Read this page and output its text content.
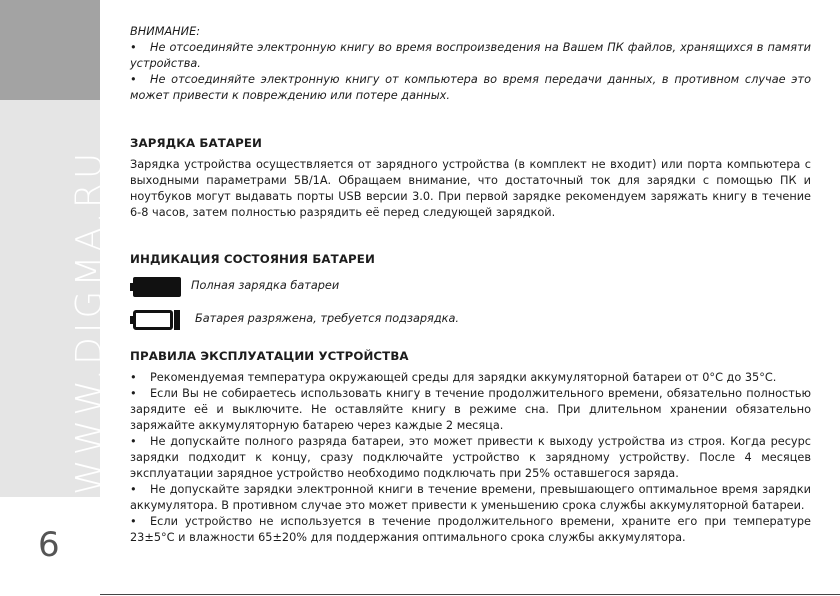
WWW.DIGMA.RU
6

ВНИМАНИЕ:

• Не отсоединяйте электронную книгу во время воспроизведения на Вашем ПК файлов, хранящихся в памяти устройства.

• Не отсоединяйте электронную книгу от компьютера во время передачи данных, в противном случае это может привести к повреждению или потере данных.

ЗАРЯДКА БАТАРЕИ

Зарядка устройства осуществляется от зарядного устройства (в комплект не входит) или порта компьютера с выходными параметрами 5В/1А. Обращаем внимание, что достаточный ток для зарядки с помощью ПК и ноутбуков могут выдавать порты USB версии 3.0. При первой зарядке рекомендуем заряжать книгу в течение 6-8 часов, затем полностью разрядить её перед следующей зарядкой.

ИНДИКАЦИЯ СОСТОЯНИЯ БАТАРЕИ
Полная зарядка батареи
Батарея разряжена, требуется подзарядка.
ПРАВИЛА ЭКСПЛУАТАЦИИ УСТРОЙСТВА

• Рекомендуемая температура окружающей среды для зарядки аккумуляторной батареи от 0°С до 35°С.

• Если Вы не собираетесь использовать книгу в течение продолжительного времени, обязательно полностью зарядите её и выключите. Не оставляйте книгу в режиме сна. При длительном хранении обязательно заряжайте аккумуляторную батарею через каждые 2 месяца.

• Не допускайте полного разряда батареи, это может привести к выходу устройства из строя. Когда ресурс зарядки подходит к концу, сразу подключайте устройство к зарядному устройству. После 4 месяцев эксплуатации зарядное устройство необходимо подключать при 25% оставшегося заряда.

• Не допускайте зарядки электронной книги в течение времени, превышающего оптимальное время зарядки аккумулятора. В противном случае это может привести к уменьшению срока службы аккумуляторной батареи.

• Если устройство не используется в течение продолжительного времени, храните его при температуре 23±5°С и влажности 65±20% для поддержания оптимального срока службы аккумулятора.
